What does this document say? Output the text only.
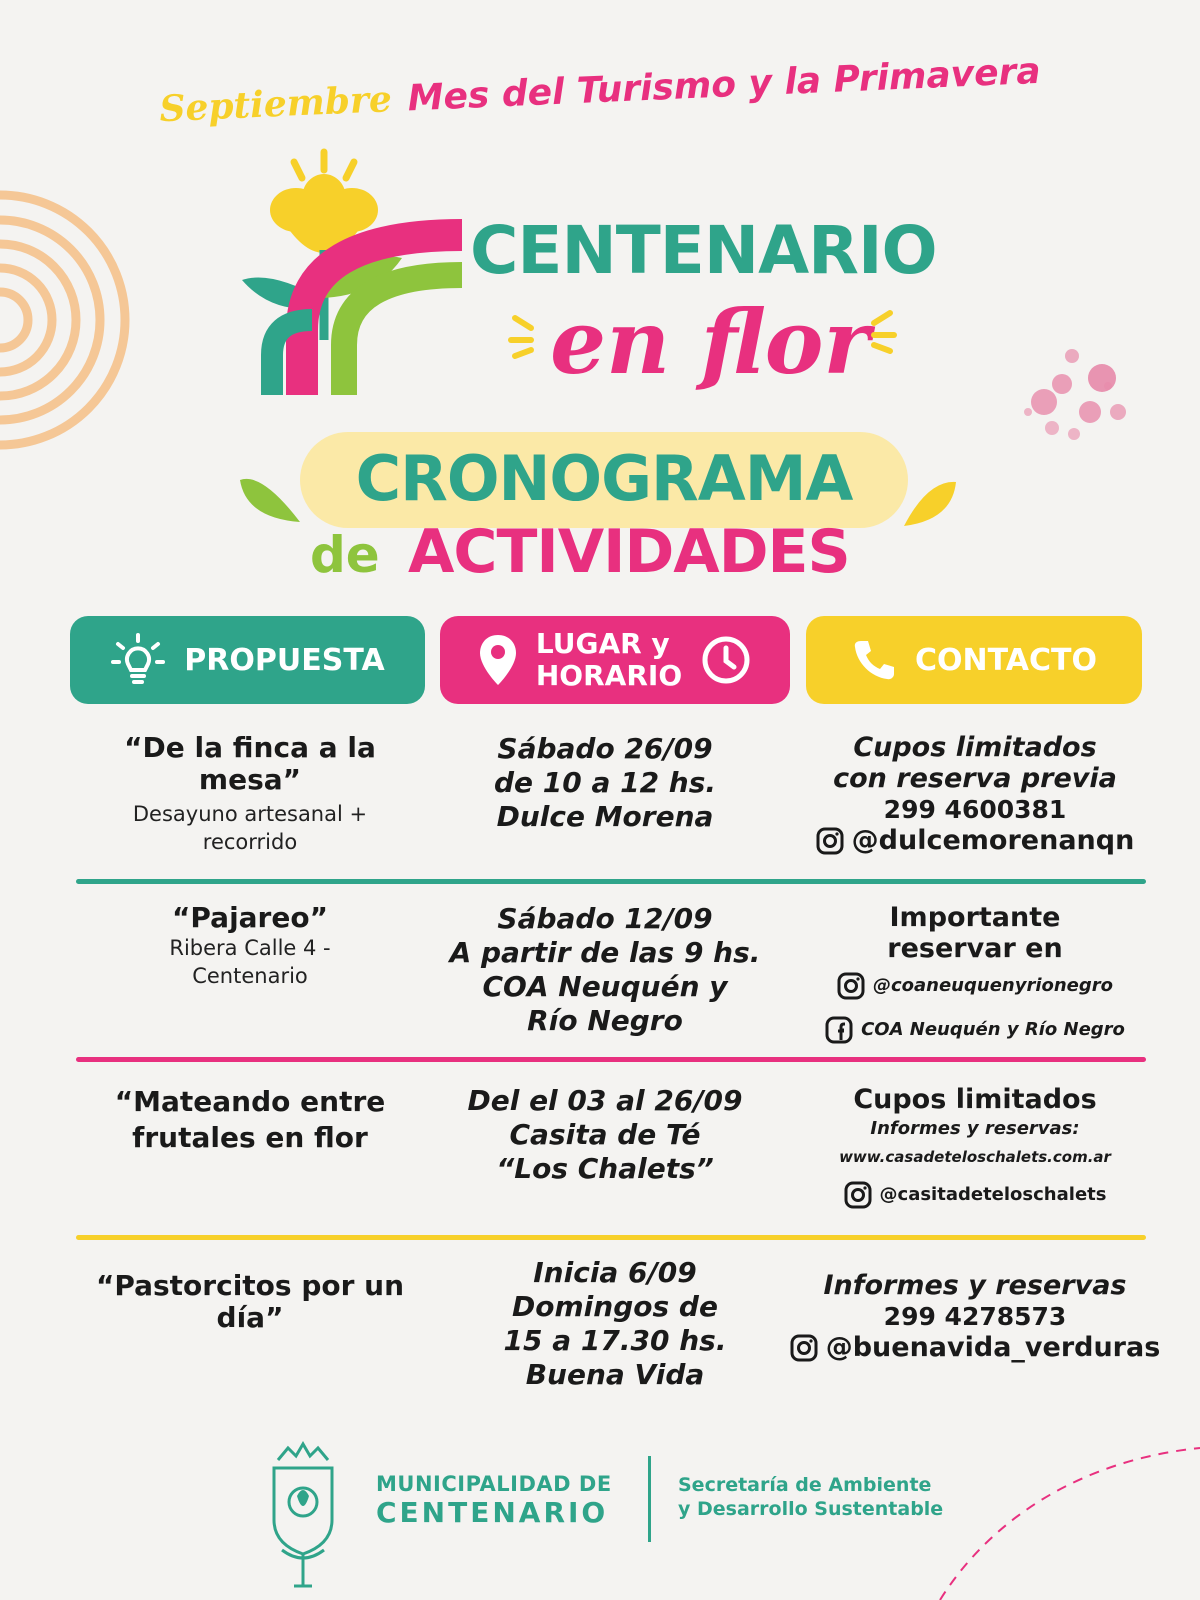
Septiembre Mes del Turismo y la Primavera
CENTENARIO
en flor
CRONOGRAMA
de ACTIVIDADES
PROPUESTA	LUGAR y
HORARIO	CONTACTO
“De la finca a la mesa”
Desayuno artesanal + recorrido
Sábado 26/09
de 10 a 12 hs.
Dulce Morena
Cupos limitados
con reserva previa
299 4600381
@dulcemorenanqn
“Pajareo”
Ribera Calle 4 - Centenario
Sábado 12/09
A partir de las 9 hs.
COA Neuquén y
Río Negro
Importante
reservar en
@coaneuquenyrionegro
COA Neuquén y Río Negro
“Mateando entre frutales en flor
Del el 03 al 26/09
Casita de Té
“Los Chalets”
Cupos limitados
Informes y reservas:
www.casadeteloschalets.com.ar
@casitadeteloschalets
“Pastorcitos por un día”
Inicia 6/09
Domingos de
15 a 17.30 hs.
Buena Vida
Informes y reservas
299 4278573
@buenavida_verduras
MUNICIPALIDAD DE
CENTENARIO
Secretaría de Ambiente
y Desarrollo Sustentable
